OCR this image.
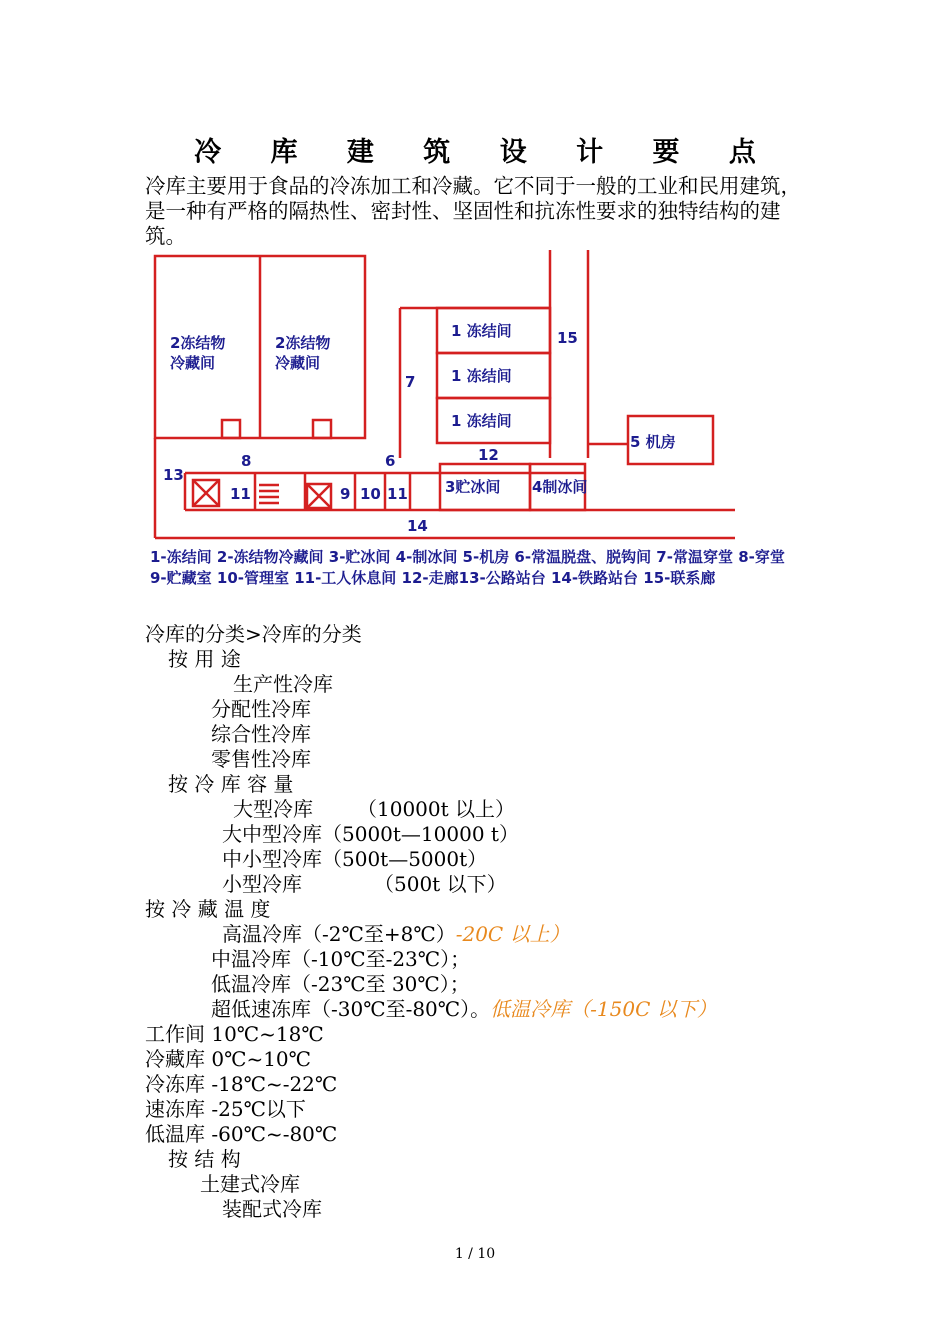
冷 库 建 筑 设 计 要 点

冷库主要用于食品的冷冻加工和冷藏。它不同于一般的工业和民用建筑，是一种有严格的隔热性、密封性、坚固性和抗冻性要求的独特结构的建筑。

2冻结物
冷藏间
2冻结物
冷藏间
1 冻结间
1 冻结间
1 冻结间
15
7
5 机房
13
8	6	12
11	9 10 11 3贮冰间 4制冰间
14

1-冻结间 2-冻结物冷藏间 3-贮冰间 4-制冰间 5-机房 6-常温脱盘、脱钩间 7-常温穿堂 8-穿堂 9-贮藏室 10-管理室 11-工人休息间 12-走廊13-公路站台 14-铁路站台 15-联系廊

冷库的分类>冷库的分类
按 用 途
生产性冷库
分配性冷库
综合性冷库
零售性冷库
按 冷 库 容 量
大型冷库 （10000t 以上）
大中型冷库（5000t—10000 t）
中小型冷库（500t—5000t）
小型冷库	（500t 以下）
按 冷 藏 温 度
高温冷库（-2℃至+8℃）-20C 以上）
中温冷库（-10℃至-23℃）；
低温冷库（-23℃至 30℃）；
超低速冻库（-30℃至-80℃）。低温冷库（-150C 以下）
工作间 10℃~18℃
冷藏库 0℃~10℃
冷冻库 -18℃~-22℃
速冻库 -25℃以下
低温库 -60℃~-80℃
按 结 构
土建式冷库
装配式冷库
1 / 10
